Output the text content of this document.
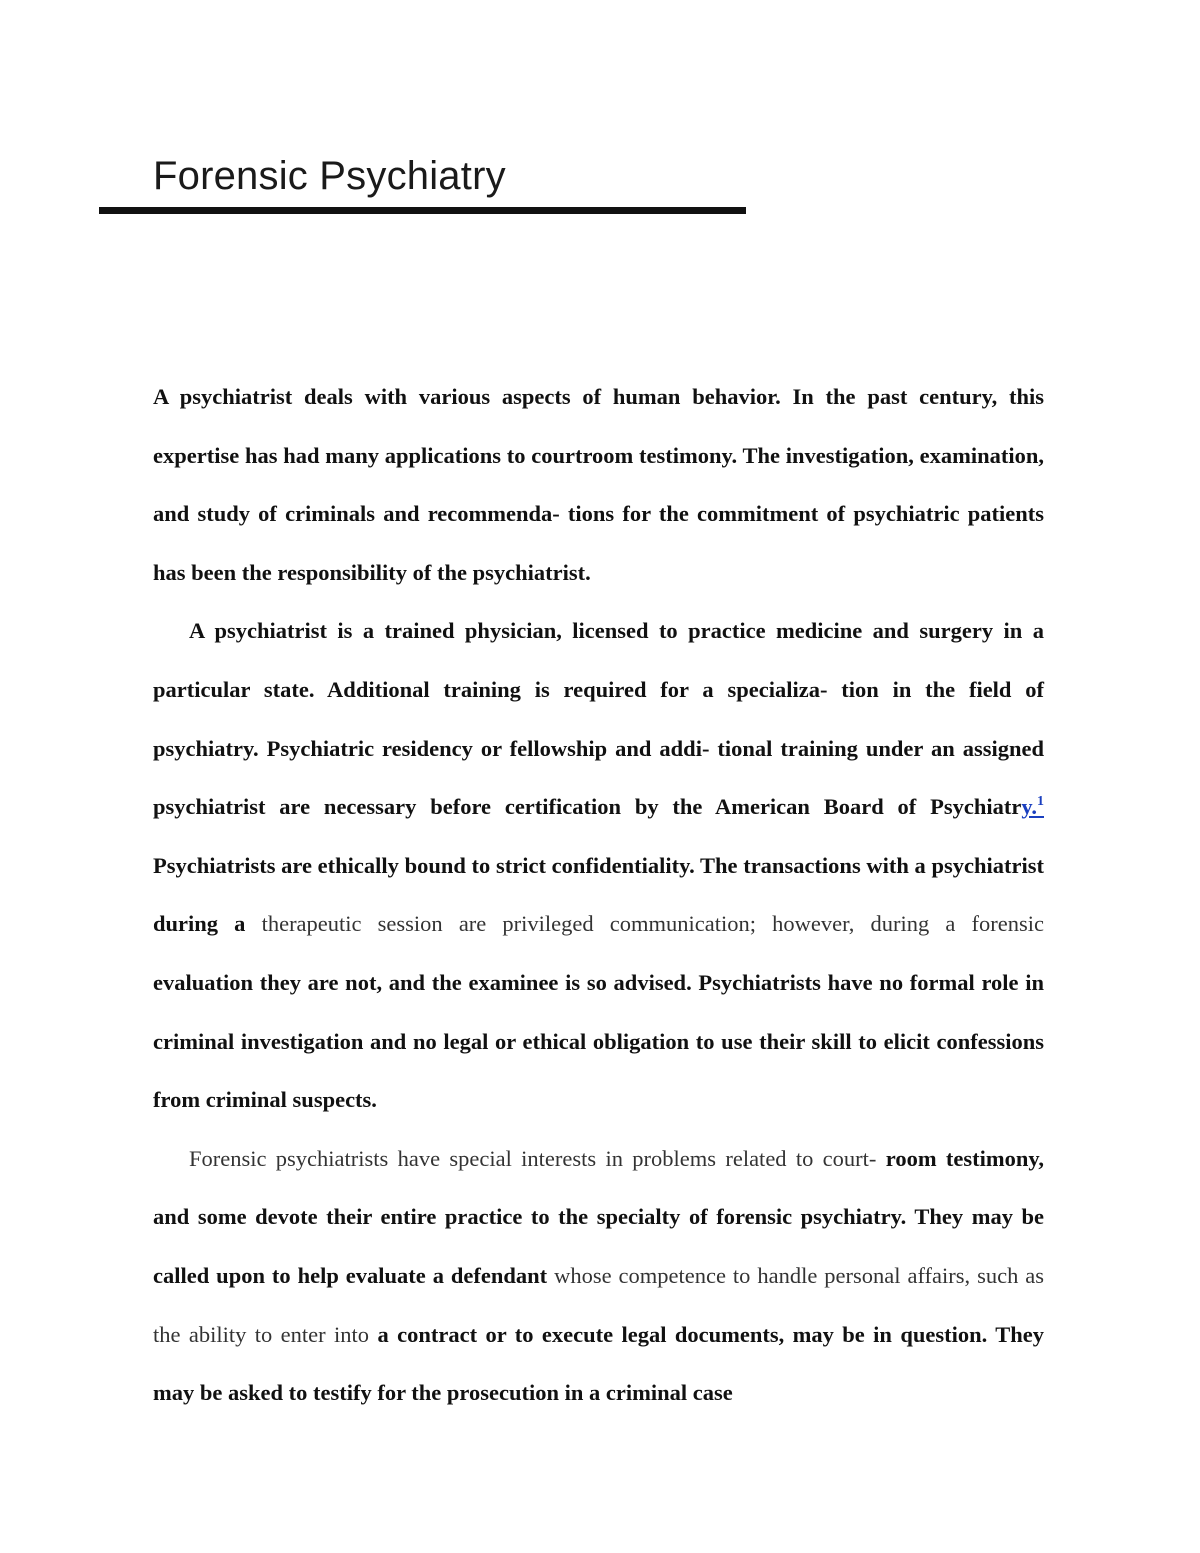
Forensic Psychiatry

A psychiatrist deals with various aspects of human behavior. In the past century, this expertise has had many applications to courtroom testimony. The investigation, examination, and study of criminals and recommenda- tions for the commitment of psychiatric patients has been the responsibility of the psychiatrist.

A psychiatrist is a trained physician, licensed to practice medicine and surgery in a particular state. Additional training is required for a specializa- tion in the field of psychiatry. Psychiatric residency or fellowship and addi- tional training under an assigned psychiatrist are necessary before certification by the American Board of Psychiatry.$^1$ Psychiatrists are ethically bound to strict confidentiality. The transactions with a psychiatrist during a therapeutic session are privileged communication; however, during a forensic evaluation they are not, and the examinee is so advised. Psychiatrists have no formal role in criminal investigation and no legal or ethical obligation to use their skill to elicit confessions from criminal suspects.

Forensic psychiatrists have special interests in problems related to court- room testimony, and some devote their entire practice to the specialty of forensic psychiatry. They may be called upon to help evaluate a defendant whose competence to handle personal affairs, such as the ability to enter into a contract or to execute legal documents, may be in question. They may be asked to testify for the prosecution in a criminal case
